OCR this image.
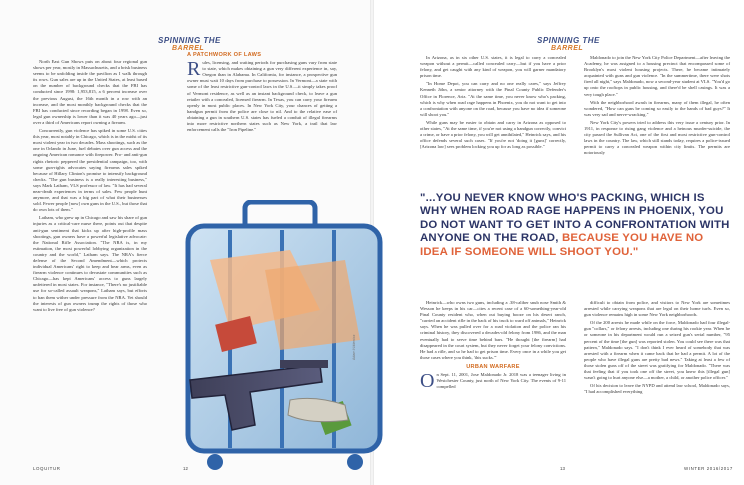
SPINNING THE
BARREL

North East Gun Shows puts on about four regional gun shows per year, mostly in Massachusetts, and a brisk business seems to be unfolding inside the pavilion as I walk through its rows. Gun sales are up in the United States, at least based on the number of background checks that the FBI has conducted since 1998: 1,953,815, a 6 percent increase over the previous August, the 16th month in a row with an increase, and the most monthly background checks that the FBI has conducted since recording began in 1998. Even so, legal gun ownership is lower than it was 40 years ago—just over a third of Americans report owning a firearm.

Concurrently, gun violence has spiked in some U.S. cities this year, most notably in Chicago, which is in the midst of its most violent year in two decades. Mass shootings, such as the one in Orlando in June, fuel debates over gun access and the ongoing American romance with firepower. Pro- and anti-gun rights rhetoric peppered the presidential campaign, too, with some gun-rights advocates saying firearms sales spiked because of Hillary Clinton's promise to intensify background checks. "The gun business is a really interesting business," says Mark Latham, VLS professor of law. "It has had several near-death experiences in terms of sales. Few people hunt anymore, and that was a big part of what their businesses sold. Fewer people [now] own guns in the U.S., but those that do own lots of them."

Latham, who grew up in Chicago and saw his share of gun injuries as a critical-care nurse there, points out that despite anti-gun sentiment that kicks up after high-profile mass shootings, gun owners have a powerful legislative advocate: the National Rifle Association. "The NRA is, in my estimation, the most powerful lobbying organization in the country and the world," Latham says. The NRA's fierce defense of the Second Amendment—which protects individual Americans' right to keep and bear arms, even as firearm violence continues to devastate communities such as Chicago—has kept Americans' access to guns largely unfettered in most states. For instance, "There's no justifiable use for so-called assault weapons," Latham says, but efforts to ban them wither under pressure from the NRA. Yet should the interests of gun owners trump the rights of those who want to live free of gun violence?

A PATCHWORK OF LAWS

R ules, licensing, and waiting periods for purchasing guns vary from state to state, which makes obtaining a gun very different experience in, say, Oregon than in Alabama. In California, for instance, a prospective gun owner must wait 10 days from purchase to possession. In Vermont—a state with some of the least restrictive gun-control laws in the U.S.—it simply takes proof of Vermont residence, as well as an instant background check, to leave a gun retailer with a concealed, licensed firearm. In Texas, you can carry your firearm openly in most public places. In New York City, your chances of getting a handgun permit from the police are close to nil. And to the relative ease of obtaining a gun in southern U.S. states has fueled a conduit of illegal firearms into more restrictive northern states such as New York, a trail that law enforcement calls the "Iron Pipeline."

Adam Niklewicz
LOQUITUR	12
SPINNING THE
BARREL

In Arizona, as in six other U.S. states, it is legal to carry a concealed weapon without a permit—called concealed carry—but if you have a prior felony, and get caught with any kind of weapon, you will garner mandatory prison time.

"In Home Depot, you can carry and no one really cares," says Jeffrey Kenneth Jöhn, a senior attorney with the Pinal County Public Defender's Office in Florence, Ariz. "At the same time, you never know who's packing, which is why when road rage happens in Phoenix, you do not want to get into a confrontation with anyone on the road, because you have no idea if someone will shoot you."

While guns may be easier to obtain and carry in Arizona as opposed to other states, "At the same time, if you're not using a handgun correctly, convict a crime, or have a prior felony, you will get annihilated," Heinrick says, and his office defends several such cases. "If you're not 'doing it [guns]' correctly, [Arizona law] sees problem locking you up for as long as possible."

Maldonado to join the New York City Police Department—after leaving the Academy, he was assigned to a housing precinct that encompassed some of Brooklyn's most violent housing projects. There, he became intimately acquainted with guns and gun violence. "In the summertime, there were shots fired all night," says Maldonado, now a second-year student at VLS. "You'd go up onto the rooftops in public housing, and there'd be shell casings. It was a very tough place."

With the neighborhood awash in firearms, many of them illegal, he often wondered, "How can guns be coming so easily to the hands of bad guys?" It was very sad and nerve-wracking."

New York City's powers tried to address this very issue a century prior. In 1911, in response to rising gang violence and a heinous murder-suicide, the city passed the Sullivan Act, one of the first and most restrictive gun-control laws in the country. The law, which still stands today, requires a police-issued permit to carry a concealed weapon within city limits. The permits are notoriously

"...YOU NEVER KNOW WHO'S PACKING, WHICH IS WHY WHEN ROAD RAGE HAPPENS IN PHOENIX, YOU DO NOT WANT TO GET INTO A CONFRONTATION WITH ANYONE ON THE ROAD, BECAUSE YOU HAVE NO IDEA IF SOMEONE WILL SHOOT YOU."

Heinrick—who owns two guns, including a .38-caliber snub nose Smith & Wesson he keeps in his car—cites a recent case of a 60-something-year-old Pinal County resident who, when out buying booze on his desert ranch, "carried an accident rifle in the back of his truck to ward off animals," Heinrick says. When he was pulled over for a road violation and the police ran his criminal history, they discovered a decades-old felony from 1986, and the man eventually had to serve time behind bars. "He thought [the firearm] had disappeared in the court system, but they never forget your felony convictions. He had a rifle, and so he had to get prison time. Every once in a while you get those cases where you think, 'this sucks.'"

URBAN WARFARE

O n Sept. 11, 2001, Jose Maldonado Jr. 2018 was a teenager living in Westchester County, just north of New York City. The events of 9-11 compelled

difficult to obtain from police, and visitors to New York are sometimes arrested while carrying weapons that are legal on their home turfs. Even so, gun violence remains high in some New York neighborhoods.

Of the 200 arrests he made while on the force, Maldonado had four illegal-gun "collars," or felony arrests, including one during his rookie year. When he or someone in his department would run a seized gun's serial number, "95 percent of the time [the gun] was reported stolen. You could see there was that pattern," Maldonado says. "I don't think I ever heard of somebody that was arrested with a firearm when it came back that he had a permit. A lot of the people who have illegal guns are pretty bad news." Taking at least a few of those stolen guns off of the street was gratifying for Maldonado. "There was that feeling that if you took one off the street, you knew this [illegal gun] wasn't going to hurt anyone else—a mother, a child, or another police officer."

Of his decision to leave the NYPD and attend law school, Maldonado says, "I had accomplished everything

13	WINTER 2016/2017
